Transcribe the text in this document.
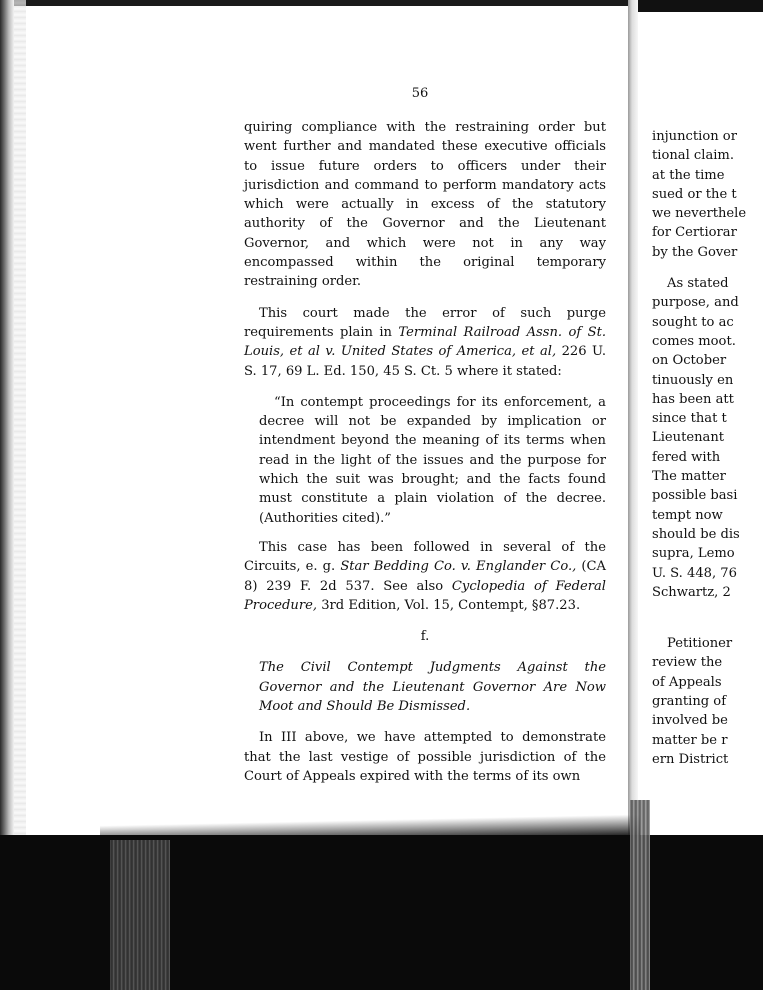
56

quiring compliance with the restraining order but went further and mandated these executive officials to issue future orders to officers under their jurisdiction and command to perform mandatory acts which were actually in excess of the statutory authority of the Governor and the Lieutenant Governor, and which were not in any way encompassed within the original temporary restraining order.

This court made the error of such purge requirements plain in Terminal Railroad Assn. of St. Louis, et al v. United States of America, et al, 226 U. S. 17, 69 L. Ed. 150, 45 S. Ct. 5 where it stated:

“In contempt proceedings for its enforcement, a decree will not be expanded by implication or intendment beyond the meaning of its terms when read in the light of the issues and the purpose for which the suit was brought; and the facts found must constitute a plain violation of the decree. (Authorities cited).”

This case has been followed in several of the Circuits, e. g. Star Bedding Co. v. Englander Co., (CA 8) 239 F. 2d 537. See also Cyclopedia of Federal Procedure, 3rd Edition, Vol. 15, Contempt, §87.23.

f.

The Civil Contempt Judgments Against the Governor and the Lieutenant Governor Are Now Moot and Should Be Dismissed.

In III above, we have attempted to demonstrate that the last vestige of possible jurisdiction of the Court of Appeals expired with the terms of its own

injunction or
tional claim.
at the time
sued or the t
we neverthele
for Certiorar
by the Gover
As stated
purpose, and
sought to ac
comes moot.
on October
tinuously en
has been att
since that t
Lieutenant
fered with
The matter
possible basi
tempt now
should be dis
supra, Lemo
U. S. 448, 76
Schwartz, 2
Petitioner
review the
of Appeals
granting of
involved be
matter be r
ern District
